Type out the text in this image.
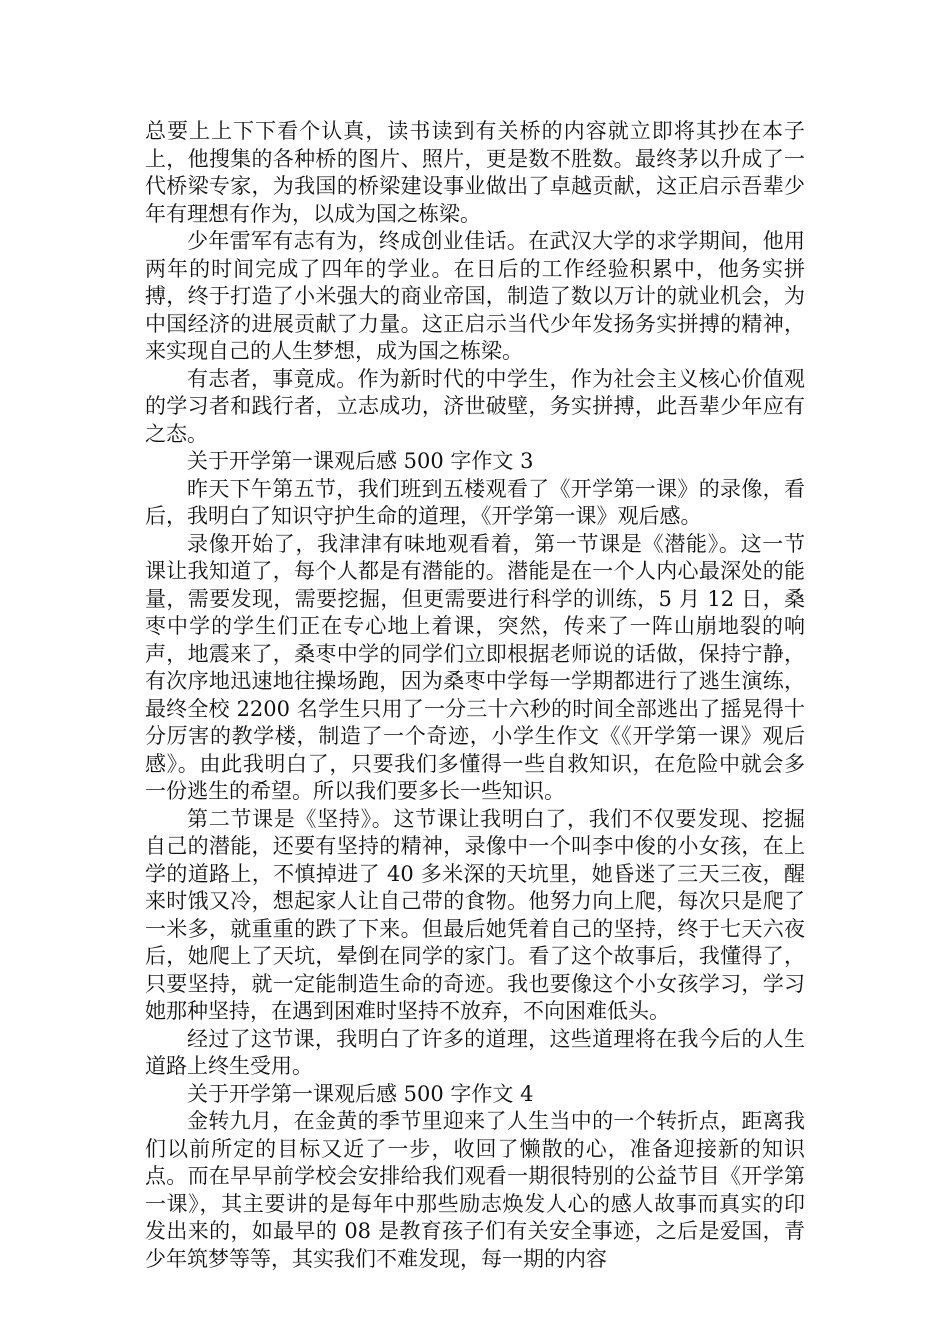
总要上上下下看个认真，读书读到有关桥的内容就立即将其抄在本子上，他搜集的各种桥的图片、照片，更是数不胜数。最终茅以升成了一代桥梁专家，为我国的桥梁建设事业做出了卓越贡献，这正启示吾辈少年有理想有作为，以成为国之栋梁。

少年雷军有志有为，终成创业佳话。在武汉大学的求学期间，他用两年的时间完成了四年的学业。在日后的工作经验积累中，他务实拼搏，终于打造了小米强大的商业帝国，制造了数以万计的就业机会，为中国经济的进展贡献了力量。这正启示当代少年发扬务实拼搏的精神，来实现自己的人生梦想，成为国之栋梁。

有志者，事竟成。作为新时代的中学生，作为社会主义核心价值观的学习者和践行者，立志成功，济世破壁，务实拼搏，此吾辈少年应有之态。

关于开学第一课观后感 500 字作文 3

昨天下午第五节，我们班到五楼观看了《开学第一课》的录像，看后，我明白了知识守护生命的道理，《开学第一课》观后感。

录像开始了，我津津有味地观看着，第一节课是《潜能》。这一节课让我知道了，每个人都是有潜能的。潜能是在一个人内心最深处的能量，需要发现，需要挖掘，但更需要进行科学的训练，5 月 12 日，桑枣中学的学生们正在专心地上着课，突然，传来了一阵山崩地裂的响声，地震来了，桑枣中学的同学们立即根据老师说的话做，保持宁静，有次序地迅速地往操场跑，因为桑枣中学每一学期都进行了逃生演练，最终全校 2200 名学生只用了一分三十六秒的时间全部逃出了摇晃得十分厉害的教学楼，制造了一个奇迹，小学生作文《《开学第一课》观后感》。由此我明白了，只要我们多懂得一些自救知识，在危险中就会多一份逃生的希望。所以我们要多长一些知识。

第二节课是《坚持》。这节课让我明白了，我们不仅要发现、挖掘自己的潜能，还要有坚持的精神，录像中一个叫李中俊的小女孩，在上学的道路上，不慎掉进了 40 多米深的天坑里，她昏迷了三天三夜，醒来时饿又冷，想起家人让自己带的食物。他努力向上爬，每次只是爬了一米多，就重重的跌了下来。但最后她凭着自己的坚持，终于七天六夜后，她爬上了天坑，晕倒在同学的家门。看了这个故事后，我懂得了，只要坚持，就一定能制造生命的奇迹。我也要像这个小女孩学习，学习她那种坚持，在遇到困难时坚持不放弃，不向困难低头。

经过了这节课，我明白了许多的道理，这些道理将在我今后的人生道路上终生受用。

关于开学第一课观后感 500 字作文 4

金转九月，在金黄的季节里迎来了人生当中的一个转折点，距离我们以前所定的目标又近了一步，收回了懒散的心，准备迎接新的知识点。而在早早前学校会安排给我们观看一期很特别的公益节目《开学第一课》，其主要讲的是每年中那些励志焕发人心的感人故事而真实的印发出来的，如最早的 08 是教育孩子们有关安全事迹，之后是爱国，青少年筑梦等等，其实我们不难发现，每一期的内容
